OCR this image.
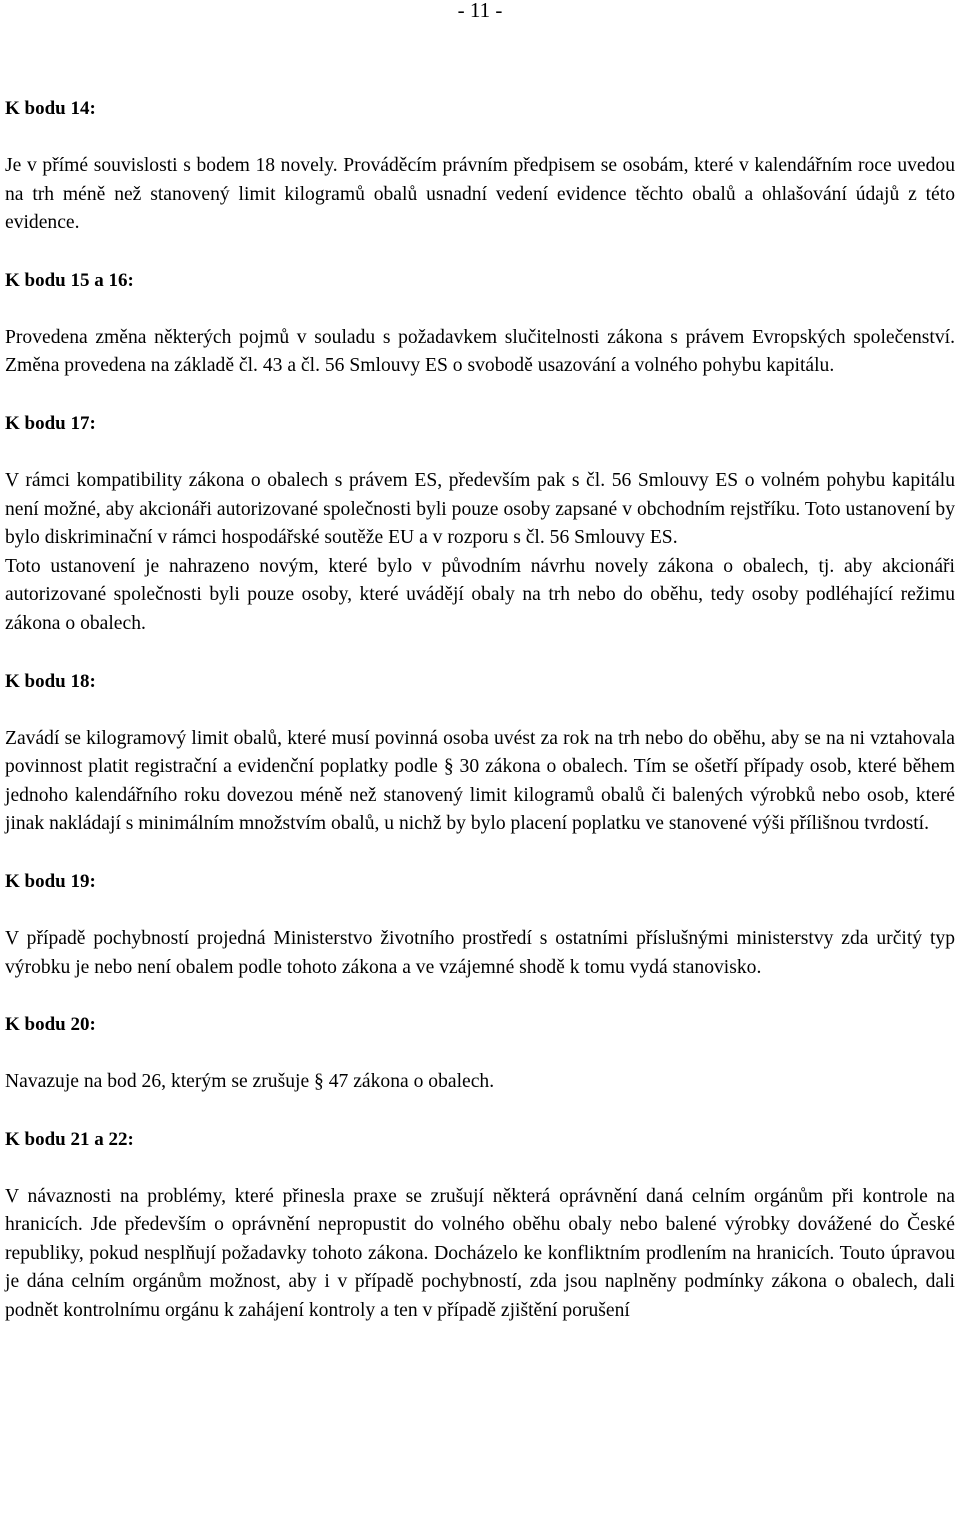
- 11 -
K bodu 14:

Je v přímé souvislosti s bodem 18 novely. Prováděcím právním předpisem se osobám, které v kalendářním roce uvedou na trh méně než stanovený limit kilogramů obalů usnadní vedení evidence těchto obalů a ohlašování údajů z této evidence.

K bodu 15 a 16:

Provedena změna některých pojmů v souladu s požadavkem slučitelnosti zákona s právem Evropských společenství. Změna provedena na základě čl. 43 a čl. 56 Smlouvy ES o svobodě usazování a volného pohybu kapitálu.

K bodu 17:

V rámci kompatibility zákona o obalech s právem ES, především pak s čl. 56 Smlouvy ES o volném pohybu kapitálu není možné, aby akcionáři autorizované společnosti byli pouze osoby zapsané v obchodním rejstříku. Toto ustanovení by bylo diskriminační v rámci hospodářské soutěže EU a v rozporu s čl. 56 Smlouvy ES.

Toto ustanovení je nahrazeno novým, které bylo v původním návrhu novely zákona o obalech, tj. aby akcionáři autorizované společnosti byli pouze osoby, které uvádějí obaly na trh nebo do oběhu, tedy osoby podléhající režimu zákona o obalech.

K bodu 18:

Zavádí se kilogramový limit obalů, které musí povinná osoba uvést za rok na trh nebo do oběhu, aby se na ni vztahovala povinnost platit registrační a evidenční poplatky podle § 30 zákona o obalech. Tím se ošetří případy osob, které během jednoho kalendářního roku dovezou méně než stanovený limit kilogramů obalů či balených výrobků nebo osob, které jinak nakládají s minimálním množstvím obalů, u nichž by bylo placení poplatku ve stanovené výši přílišnou tvrdostí.

K bodu 19:

V případě pochybností projedná Ministerstvo životního prostředí s ostatními příslušnými ministerstvy zda určitý typ výrobku je nebo není obalem podle tohoto zákona a ve vzájemné shodě k tomu vydá stanovisko.

K bodu 20:

Navazuje na bod 26, kterým se zrušuje § 47 zákona o obalech.

K bodu 21 a 22:

V návaznosti na problémy, které přinesla praxe se zrušují některá oprávnění daná celním orgánům při kontrole na hranicích. Jde především o oprávnění nepropustit do volného oběhu obaly nebo balené výrobky dovážené do České republiky, pokud nesplňují požadavky tohoto zákona. Docházelo ke konfliktním prodlením na hranicích. Touto úpravou je dána celním orgánům možnost, aby i v případě pochybností, zda jsou naplněny podmínky zákona o obalech, dali podnět kontrolnímu orgánu k zahájení kontroly a ten v případě zjištění porušení
